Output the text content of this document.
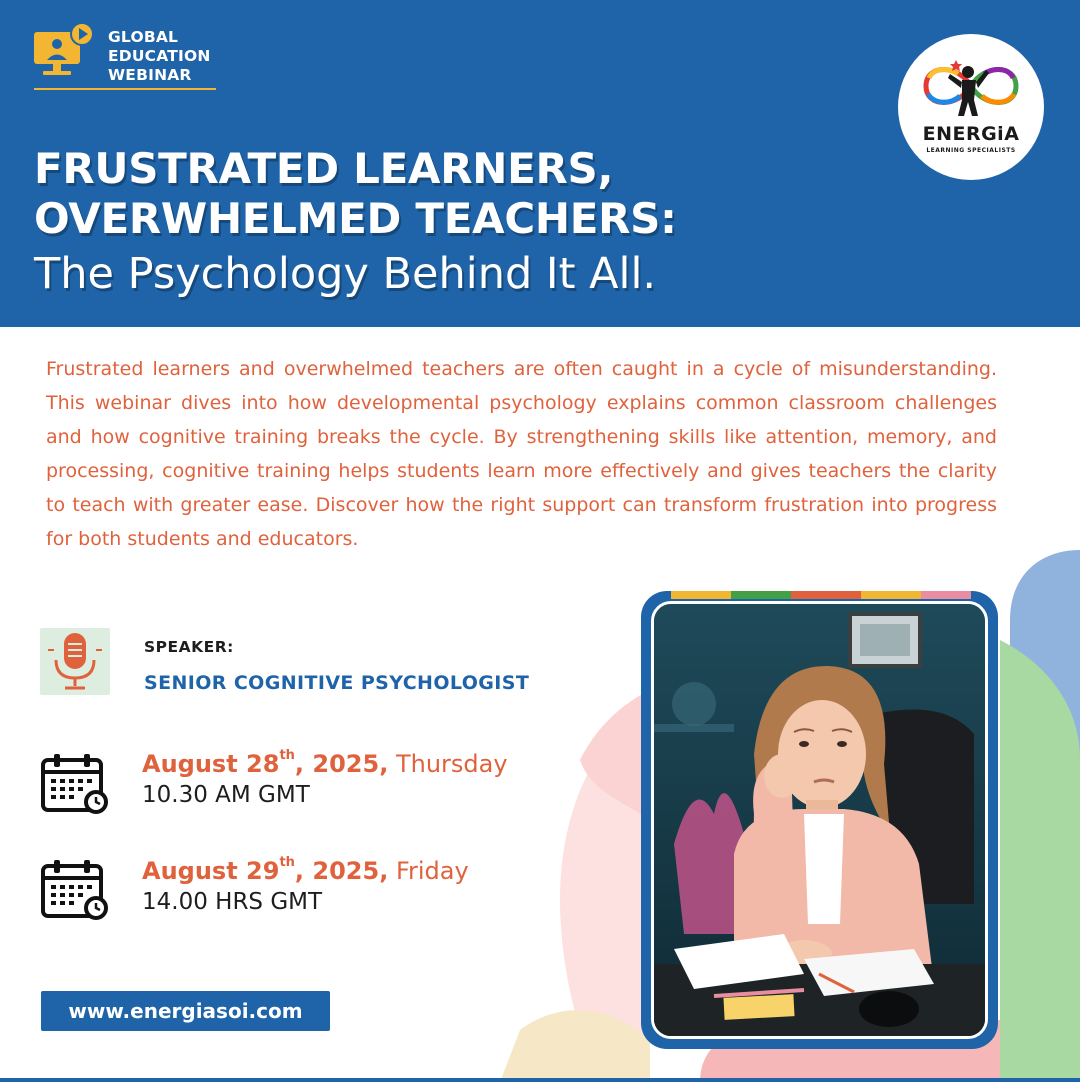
GLOBAL
EDUCATION
WEBINAR
ENERGiA
LEARNING SPECIALISTS
FRUSTRATED LEARNERS,
OVERWHELMED TEACHERS:
The Psychology Behind It All.

Frustrated learners and overwhelmed teachers are often caught in a cycle of misunderstanding. This webinar dives into how developmental psychology explains common classroom challenges and how cognitive training breaks the cycle. By strengthening skills like attention, memory, and processing, cognitive training helps students learn more effectively and gives teachers the clarity to teach with greater ease. Discover how the right support can transform frustration into progress for both students and educators.

SPEAKER:
SENIOR COGNITIVE PSYCHOLOGIST
August 28th, 2025, Thursday
10.30 AM GMT
August 29th, 2025, Friday
14.00 HRS GMT
www.energiasoi.com
